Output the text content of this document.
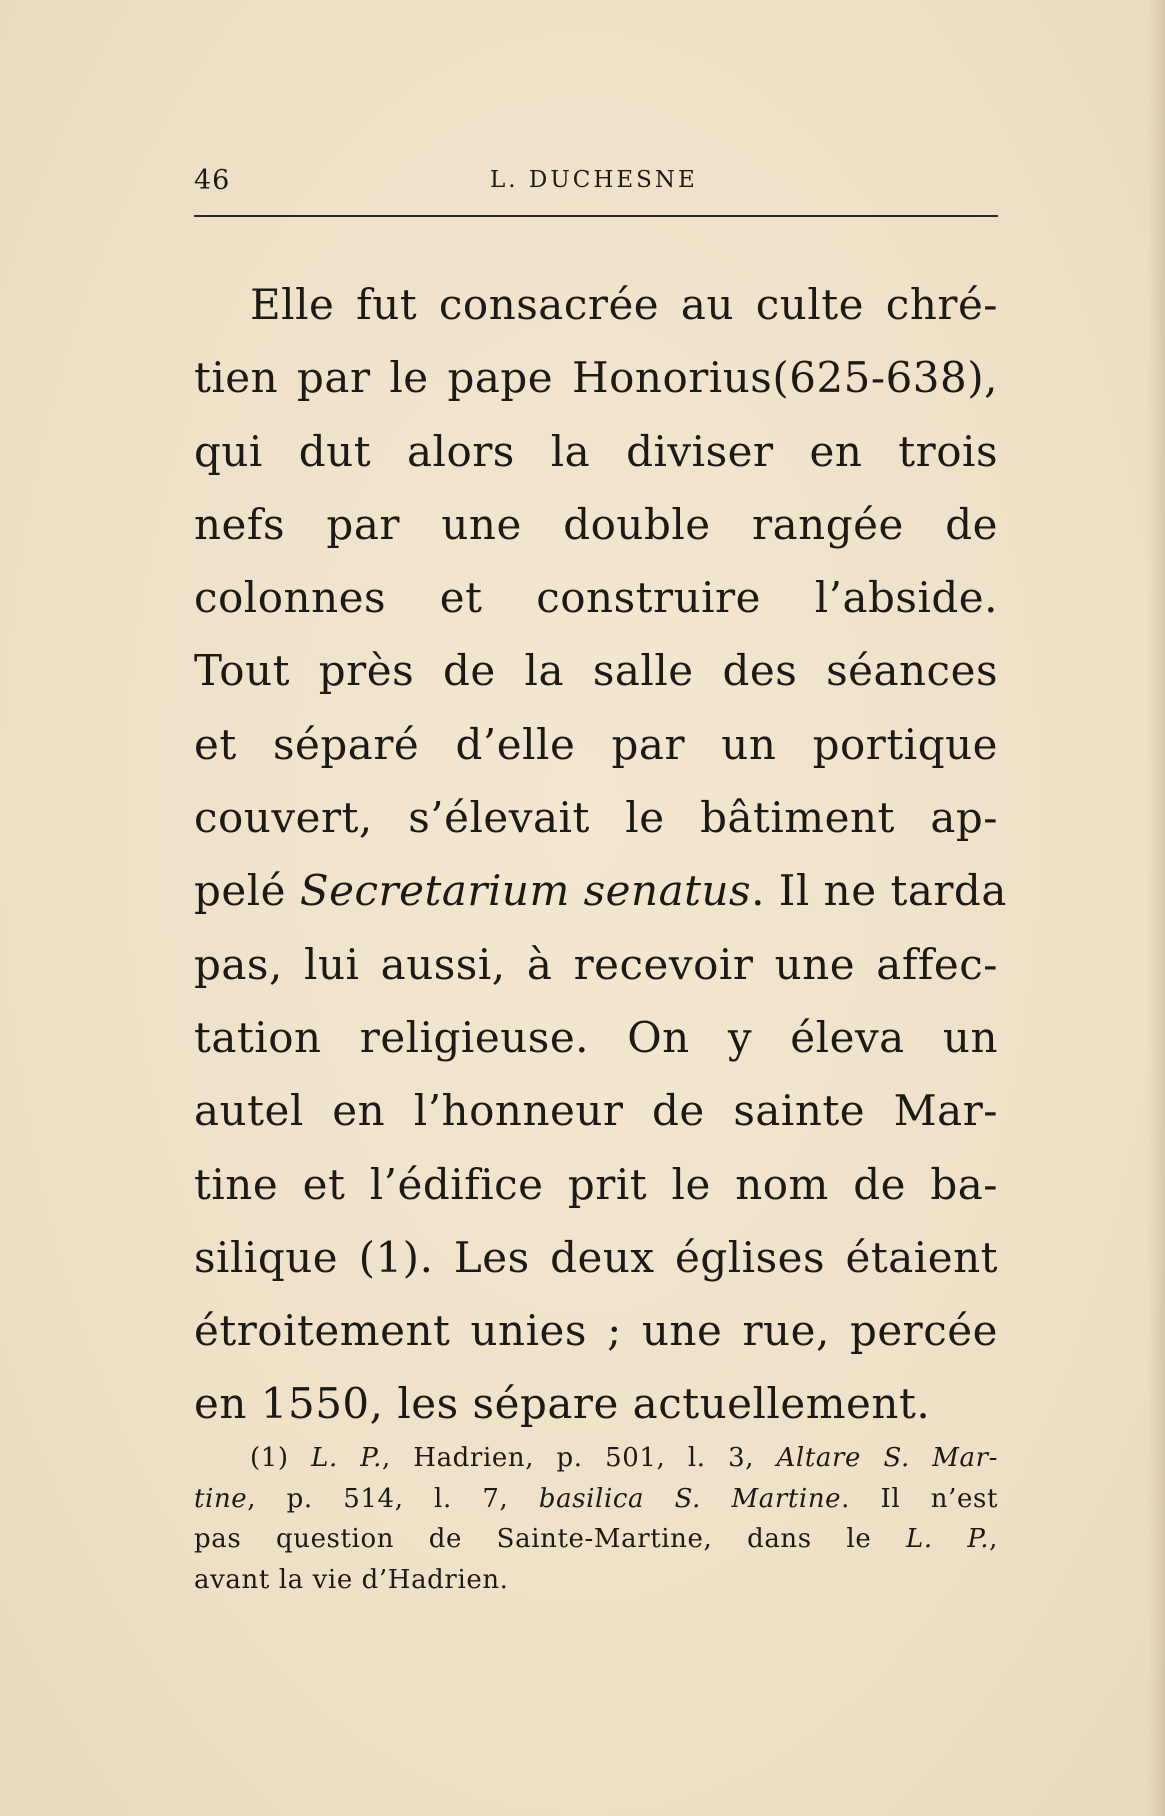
46	L. DUCHESNE
Elle fut consacrée au culte chré-
tien par le pape Honorius(625-638),
qui dut alors la diviser en trois
nefs par une double rangée de
colonnes et construire l’abside.
Tout près de la salle des séances
et séparé d’elle par un portique
couvert, s’élevait le bâtiment ap-
pelé Secretarium senatus. Il ne tarda
pas, lui aussi, à recevoir une affec-
tation religieuse. On y éleva un
autel en l’honneur de sainte Mar-
tine et l’édifice prit le nom de ba-
silique (1). Les deux églises étaient
étroitement unies ; une rue, percée
en 1550, les sépare actuellement.
(1) L. P., Hadrien, p. 501, l. 3, Altare S. Mar-
tine, p. 514, l. 7, basilica S. Martine. Il n’est
pas question de Sainte-Martine, dans le L. P.,
avant la vie d’Hadrien.
